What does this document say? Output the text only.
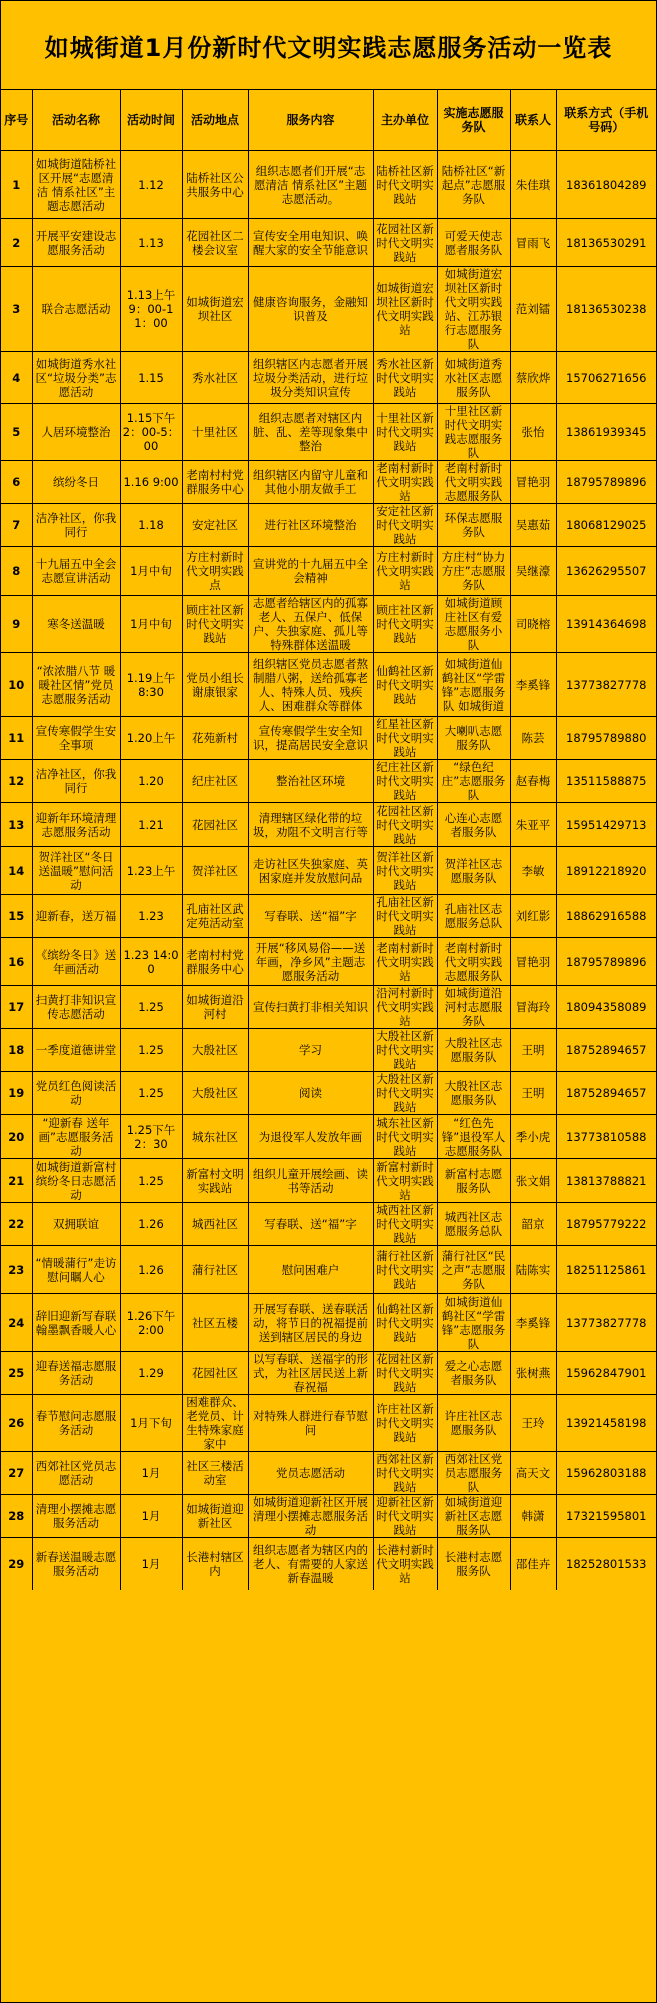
如城街道1月份新时代文明实践志愿服务活动一览表
序号	活动名称	活动时间	活动地点	服务内容	主办单位	实施志愿服务队	联系人	联系方式（手机号码）
1	如城街道陆桥社区开展“志愿清洁 情系社区”主题志愿活动	1.12	陆桥社区公共服务中心	组织志愿者们开展“志愿清洁 情系社区”主题志愿活动。	陆桥社区新时代文明实践站	陆桥社区“新起点”志愿服务队	朱佳琪	18361804289
2	开展平安建设志愿服务活动	1.13	花园社区二楼会议室	宣传安全用电知识、唤醒大家的安全节能意识	花园社区新时代文明实践站	可爱天使志愿者服务队	冒雨飞	18136530291
3	联合志愿活动	1.13上午9：00-11：00	如城街道宏坝社区	健康咨询服务，金融知识普及	如城街道宏坝社区新时代文明实践站	如城街道宏坝社区新时代文明实践站、江苏银行志愿服务队	范刘镭	18136530238
4	如城街道秀水社区“垃圾分类”志愿活动	1.15	秀水社区	组织辖区内志愿者开展垃圾分类活动，进行垃圾分类知识宣传	秀水社区新时代文明实践站	如城街道秀水社区志愿服务队	蔡欣烨	15706271656
5	人居环境整治	1.15下午2：00-5：00	十里社区	组织志愿者对辖区内脏、乱、差等现象集中整治	十里社区新时代文明实践站	十里社区新时代文明实践志愿服务队	张怡	13861939345
6	缤纷冬日	1.16 9:00	老南村村党群服务中心	组织辖区内留守儿童和其他小朋友做手工	老南村新时代文明实践站	老南村新时代文明实践志愿服务队	冒艳羽	18795789896
7	洁净社区，你我同行	1.18	安定社区	进行社区环境整治	安定社区新时代文明实践站	环保志愿服务队	吴惠茹	18068129025
8	十九届五中全会志愿宣讲活动	1月中旬	方庄村新时代文明实践点	宣讲党的十九届五中全会精神	方庄村新时代文明实践站	方庄村“协力方庄”志愿服务队	吴继濠	13626295507
9	寒冬送温暖	1月中旬	顾庄社区新时代文明实践站	志愿者给辖区内的孤寡老人、五保户、低保户、失独家庭、孤儿等特殊群体送温暖	顾庄社区新时代文明实践站	如城街道顾庄社区有爱志愿服务小队	司晓榕	13914364698
10	“浓浓腊八节 暖暖社区情”党员志愿服务活动	1.19上午8:30	党员小组长谢康银家	组织辖区党员志愿者熬制腊八粥，送给孤寡老人、特殊人员、残疾人、困难群众等群体	仙鹤社区新时代文明实践站	如城街道仙鹤社区“学雷锋”志愿服务队 如城街道	李奚锋	13773827778
11	宣传寒假学生安全事项	1.20上午	花苑新村	宣传寒假学生安全知识，提高居民安全意识	红星社区新时代文明实践站	大喇叭志愿服务队	陈芸	18795789880
12	洁净社区，你我同行	1.20	纪庄社区	整治社区环境	纪庄社区新时代文明实践站	“绿色纪庄”志愿服务队	赵春梅	13511588875
13	迎新年环境清理志愿服务活动	1.21	花园社区	清理辖区绿化带的垃圾，劝阻不文明言行等	花园社区新时代文明实践站	心连心志愿者服务队	朱亚平	15951429713
14	贺洋社区“冬日送温暖”慰问活动	1.23上午	贺洋社区	走访社区失独家庭、英困家庭并发放慰问品	贺洋社区新时代文明实践站	贺洋社区志愿服务队	李敏	18912218920
15	迎新春，送万福	1.23	孔庙社区武定苑活动室	写春联、送“福”字	孔庙社区新时代文明实践站	孔庙社区志愿服务总队	刘红影	18862916588
16	《缤纷冬日》送年画活动	1.23 14:00	老南村村党群服务中心	开展“移风易俗——送年画，净乡风”主题志愿服务活动	老南村新时代文明实践站	老南村新时代文明实践志愿服务队	冒艳羽	18795789896
17	扫黄打非知识宣传志愿活动	1.25	如城街道沿河村	宣传扫黄打非相关知识	沿河村新时代文明实践站	如城街道沿河村志愿服务队	冒海玲	18094358089
18	一季度道德讲堂	1.25	大殷社区	学习	大殷社区新时代文明实践站	大殷社区志愿服务队	王明	18752894657
19	党员红色阅读活动	1.25	大殷社区	阅读	大殷社区新时代文明实践站	大殷社区志愿服务队	王明	18752894657
20	“迎新春 送年画”志愿服务活动	1.25下午2：30	城东社区	为退役军人发放年画	城东社区新时代文明实践站	“红色先锋”退役军人志愿服务队	季小虎	13773810588
21	如城街道新富村缤纷冬日志愿活动	1.25	新富村文明实践站	组织儿童开展绘画、读书等活动	新富村新时代文明实践站	新富村志愿服务队	张文娟	13813788821
22	双拥联谊	1.26	城西社区	写春联、送“福”字	城西社区新时代文明实践站	城西社区志愿服务总队	韶京	18795779222
23	“情暖蒲行”走访慰问瞩人心	1.26	蒲行社区	慰问困难户	蒲行社区新时代文明实践站	蒲行社区“民之声”志愿服务队	陆陈实	18251125861
24	辞旧迎新写春联 翰墨飘香暖人心	1.26下午2:00	社区五楼	开展写春联、送春联活动，将节日的祝福提前送到辖区居民的身边	仙鹤社区新时代文明实践站	如城街道仙鹤社区“学雷锋”志愿服务队	李奚锋	13773827778
25	迎春送福志愿服务活动	1.29	花园社区	以写春联、送福字的形式，为社区居民送上新春祝福	花园社区新时代文明实践站	爱之心志愿者服务队	张树燕	15962847901
26	春节慰问志愿服务活动	1月下旬	困难群众、老党员、计生特殊家庭家中	对特殊人群进行春节慰问	许庄社区新时代文明实践站	许庄社区志愿服务队	王玲	13921458198
27	西郊社区党员志愿活动	1月	社区三楼活动室	党员志愿活动	西郊社区新时代文明实践站	西郊社区党员志愿服务队	高天文	15962803188
28	清理小摆摊志愿服务活动	1月	如城街道迎新社区	如城街道迎新社区开展清理小摆摊志愿服务活动	迎新社区新时代文明实践站	如城街道迎新社区志愿服务队	韩潇	17321595801
29	新春送温暖志愿服务活动	1月	长港村辖区内	组织志愿者为辖区内的老人、有需要的人家送新春温暖	长港村新时代文明实践站	长港村志愿服务队	邵佳卉	18252801533
